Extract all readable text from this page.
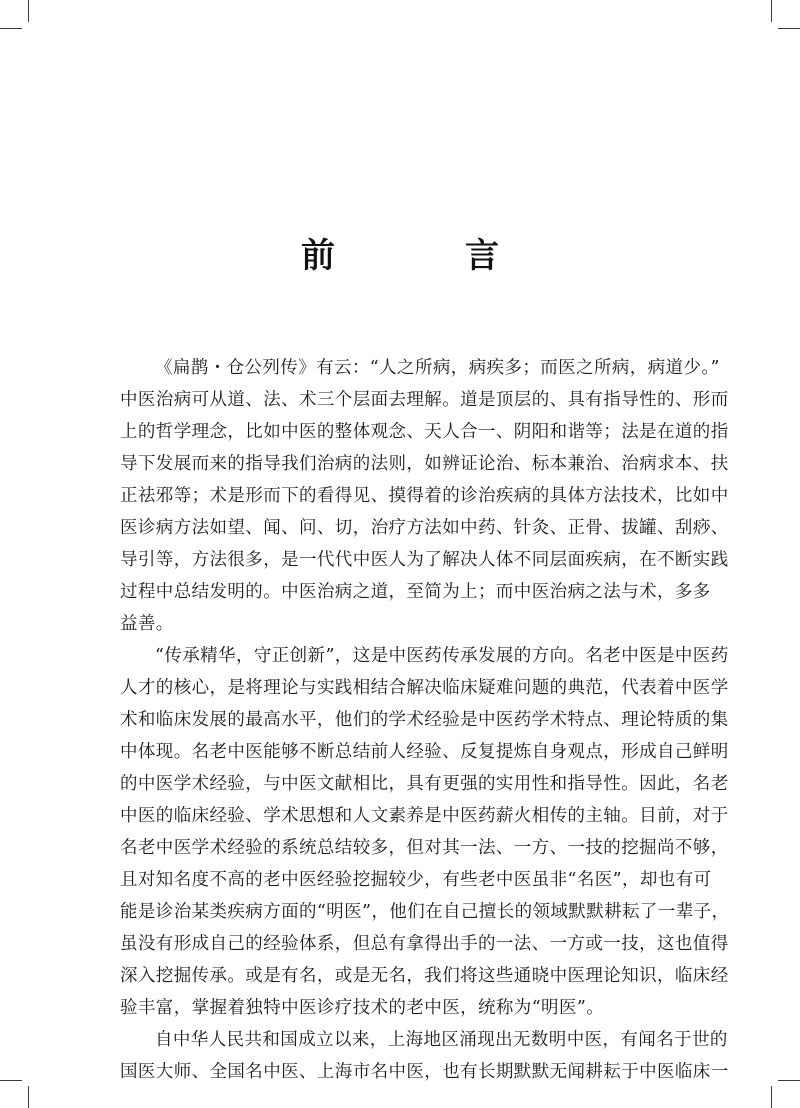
前　言
《扁鹊・仓公列传》有云：“人之所病，病疾多；而医之所病，病道少。”
中医治病可从道、法、术三个层面去理解。道是顶层的、具有指导性的、形而
上的哲学理念，比如中医的整体观念、天人合一、阴阳和谐等；法是在道的指
导下发展而来的指导我们治病的法则，如辨证论治、标本兼治、治病求本、扶
正祛邪等；术是形而下的看得见、摸得着的诊治疾病的具体方法技术，比如中
医诊病方法如望、闻、问、切，治疗方法如中药、针灸、正骨、拔罐、刮痧、
导引等，方法很多，是一代代中医人为了解决人体不同层面疾病，在不断实践
过程中总结发明的。中医治病之道，至简为上；而中医治病之法与术，多多
益善。
“传承精华，守正创新”，这是中医药传承发展的方向。名老中医是中医药
人才的核心，是将理论与实践相结合解决临床疑难问题的典范，代表着中医学
术和临床发展的最高水平，他们的学术经验是中医药学术特点、理论特质的集
中体现。名老中医能够不断总结前人经验、反复提炼自身观点，形成自己鲜明
的中医学术经验，与中医文献相比，具有更强的实用性和指导性。因此，名老
中医的临床经验、学术思想和人文素养是中医药薪火相传的主轴。目前，对于
名老中医学术经验的系统总结较多，但对其一法、一方、一技的挖掘尚不够，
且对知名度不高的老中医经验挖掘较少，有些老中医虽非“名医”，却也有可
能是诊治某类疾病方面的“明医”，他们在自己擅长的领域默默耕耘了一辈子，
虽没有形成自己的经验体系，但总有拿得出手的一法、一方或一技，这也值得
深入挖掘传承。或是有名，或是无名，我们将这些通晓中医理论知识，临床经
验丰富，掌握着独特中医诊疗技术的老中医，统称为“明医”。
自中华人民共和国成立以来，上海地区涌现出无数明中医，有闻名于世的
国医大师、全国名中医、上海市名中医，也有长期默默无闻耕耘于中医临床一
